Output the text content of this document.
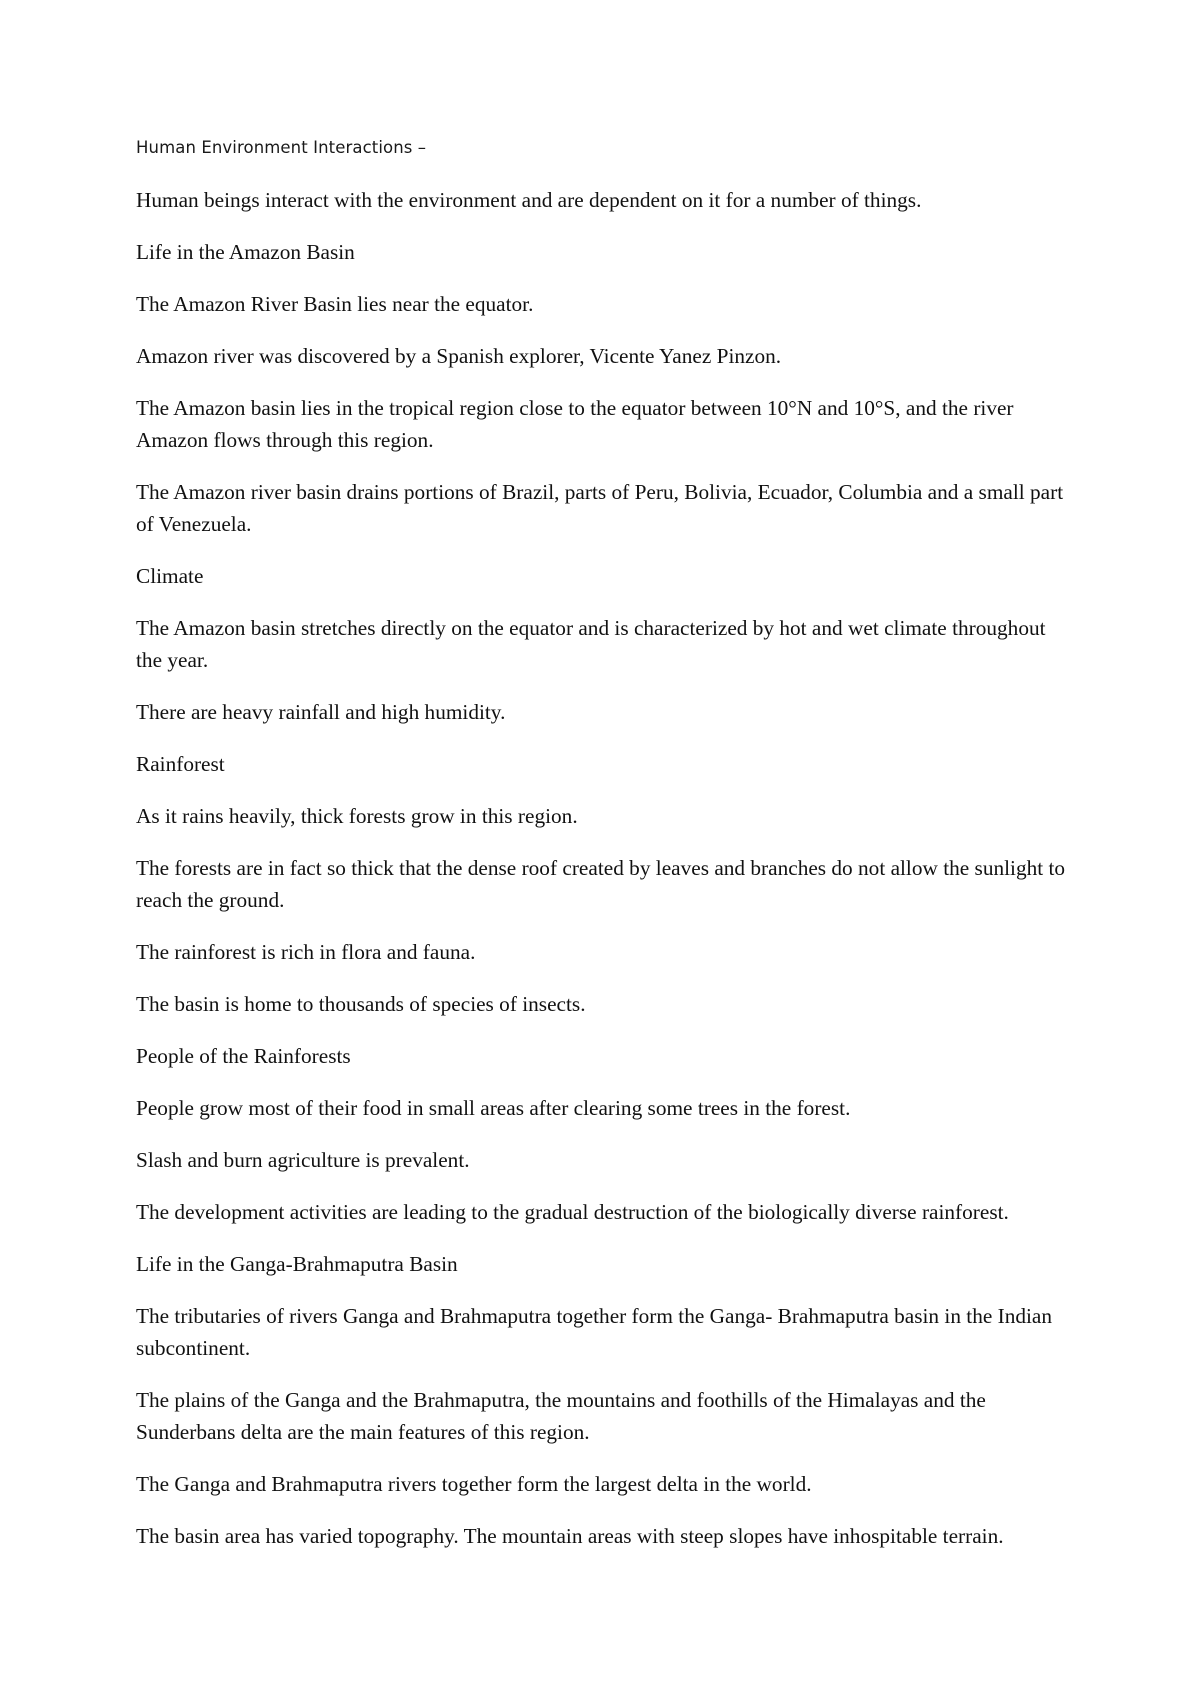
Human Environment Interactions –

Human beings interact with the environment and are dependent on it for a number of things.

Life in the Amazon Basin

The Amazon River Basin lies near the equator.

Amazon river was discovered by a Spanish explorer, Vicente Yanez Pinzon.

The Amazon basin lies in the tropical region close to the equator between 10°N and 10°S, and the river Amazon flows through this region.

The Amazon river basin drains portions of Brazil, parts of Peru, Bolivia, Ecuador, Columbia and a small part of Venezuela.

Climate

The Amazon basin stretches directly on the equator and is characterized by hot and wet climate throughout the year.

There are heavy rainfall and high humidity.

Rainforest

As it rains heavily, thick forests grow in this region.

The forests are in fact so thick that the dense roof created by leaves and branches do not allow the sunlight to reach the ground.

The rainforest is rich in flora and fauna.

The basin is home to thousands of species of insects.

People of the Rainforests

People grow most of their food in small areas after clearing some trees in the forest.

Slash and burn agriculture is prevalent.

The development activities are leading to the gradual destruction of the biologically diverse rainforest.

Life in the Ganga-Brahmaputra Basin

The tributaries of rivers Ganga and Brahmaputra together form the Ganga- Brahmaputra basin in the Indian subcontinent.

The plains of the Ganga and the Brahmaputra, the mountains and foothills of the Himalayas and the Sunderbans delta are the main features of this region.

The Ganga and Brahmaputra rivers together form the largest delta in the world.

The basin area has varied topography. The mountain areas with steep slopes have inhospitable terrain.
